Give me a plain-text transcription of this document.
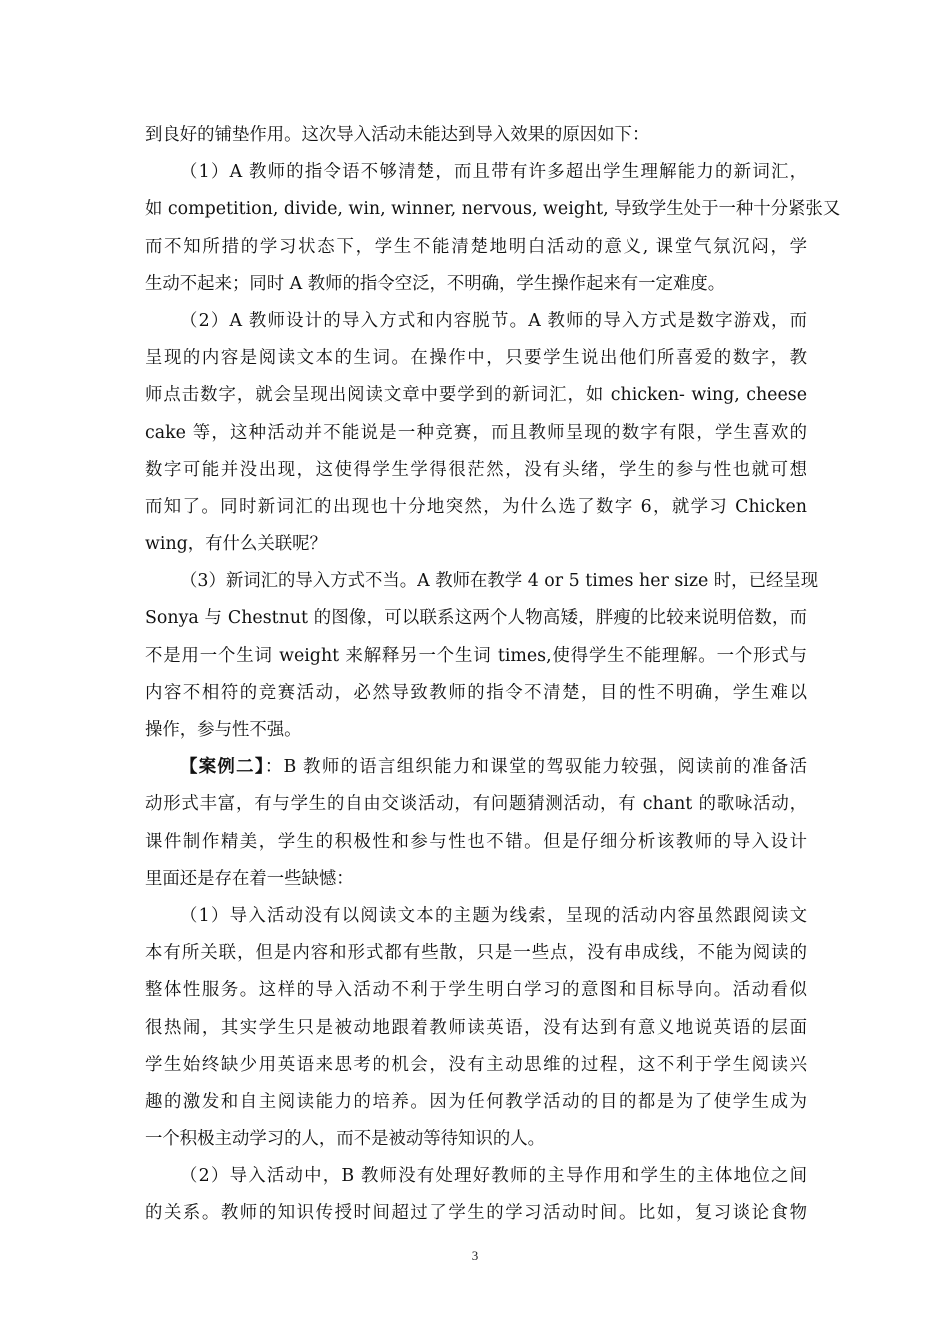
到良好的铺垫作用。这次导入活动未能达到导入效果的原因如下：
（1）A 教师的指令语不够清楚，而且带有许多超出学生理解能力的新词汇，
如 competition, divide, win, winner, nervous, weight, 导致学生处于一种十分紧张又
而不知所措的学习状态下，学生不能清楚地明白活动的意义, 课堂气氛沉闷，学
生动不起来；同时 A 教师的指令空泛，不明确，学生操作起来有一定难度。
（2）A 教师设计的导入方式和内容脱节。A 教师的导入方式是数字游戏，而
呈现的内容是阅读文本的生词。在操作中，只要学生说出他们所喜爱的数字，教
师点击数字，就会呈现出阅读文章中要学到的新词汇，如 chicken- wing, cheese
cake 等，这种活动并不能说是一种竞赛，而且教师呈现的数字有限，学生喜欢的
数字可能并没出现，这使得学生学得很茫然，没有头绪，学生的参与性也就可想
而知了。同时新词汇的出现也十分地突然，为什么选了数字 6，就学习 Chicken
wing，有什么关联呢？
（3）新词汇的导入方式不当。A 教师在教学 4 or 5 times her size 时，已经呈现
Sonya 与 Chestnut 的图像，可以联系这两个人物高矮，胖瘦的比较来说明倍数，而
不是用一个生词 weight 来解释另一个生词 times,使得学生不能理解。一个形式与
内容不相符的竞赛活动，必然导致教师的指令不清楚，目的性不明确，学生难以
操作，参与性不强。
【案例二】：B 教师的语言组织能力和课堂的驾驭能力较强，阅读前的准备活
动形式丰富，有与学生的自由交谈活动，有问题猜测活动，有 chant 的歌咏活动，
课件制作精美，学生的积极性和参与性也不错。但是仔细分析该教师的导入设计
里面还是存在着一些缺憾：
（1）导入活动没有以阅读文本的主题为线索，呈现的活动内容虽然跟阅读文
本有所关联，但是内容和形式都有些散，只是一些点，没有串成线，不能为阅读的
整体性服务。这样的导入活动不利于学生明白学习的意图和目标导向。活动看似
很热闹，其实学生只是被动地跟着教师读英语，没有达到有意义地说英语的层面
学生始终缺少用英语来思考的机会，没有主动思维的过程，这不利于学生阅读兴
趣的激发和自主阅读能力的培养。因为任何教学活动的目的都是为了使学生成为
一个积极主动学习的人，而不是被动等待知识的人。
（2）导入活动中，B 教师没有处理好教师的主导作用和学生的主体地位之间
的关系。教师的知识传授时间超过了学生的学习活动时间。比如，复习谈论食物
3
